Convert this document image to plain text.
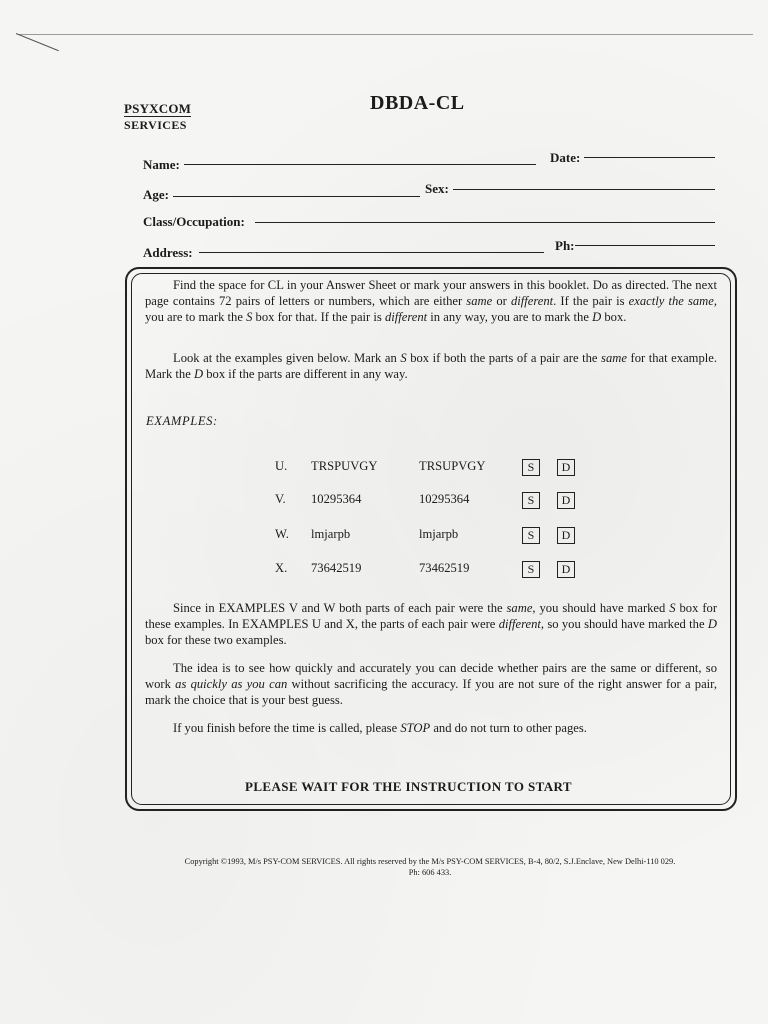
PSYXCOM
SERVICES
DBDA-CL
Name:	Date:
Age:	Sex:
Class/Occupation:
Address:	Ph:
Find the space for CL in your Answer Sheet or mark your answers in this booklet. Do as directed. The next page contains 72 pairs of letters or numbers, which are either same or different. If the pair is exactly the same, you are to mark the S box for that. If the pair is different in any way, you are to mark the D box.
Look at the examples given below. Mark an S box if both the parts of a pair are the same for that example. Mark the D box if the parts are different in any way.
EXAMPLES:
U. TRSPUVGY	TRSUPVGY	S	D
V. 10295364	10295364	S	D
W. lmjarpb	lmjarpb	S	D
X. 73642519	73462519	S	D
Since in EXAMPLES V and W both parts of each pair were the same, you should have marked S box for these examples. In EXAMPLES U and X, the parts of each pair were different, so you should have marked the D box for these two examples.
The idea is to see how quickly and accurately you can decide whether pairs are the same or different, so work as quickly as you can without sacrificing the accuracy. If you are not sure of the right answer for a pair, mark the choice that is your best guess.
If you finish before the time is called, please STOP and do not turn to other pages.
PLEASE WAIT FOR THE INSTRUCTION TO START
Copyright ©1993, M/s PSY-COM SERVICES. All rights reserved by the M/s PSY-COM SERVICES, B-4, 80/2, S.J.Enclave, New Delhi-110 029.
Ph: 606 433.
